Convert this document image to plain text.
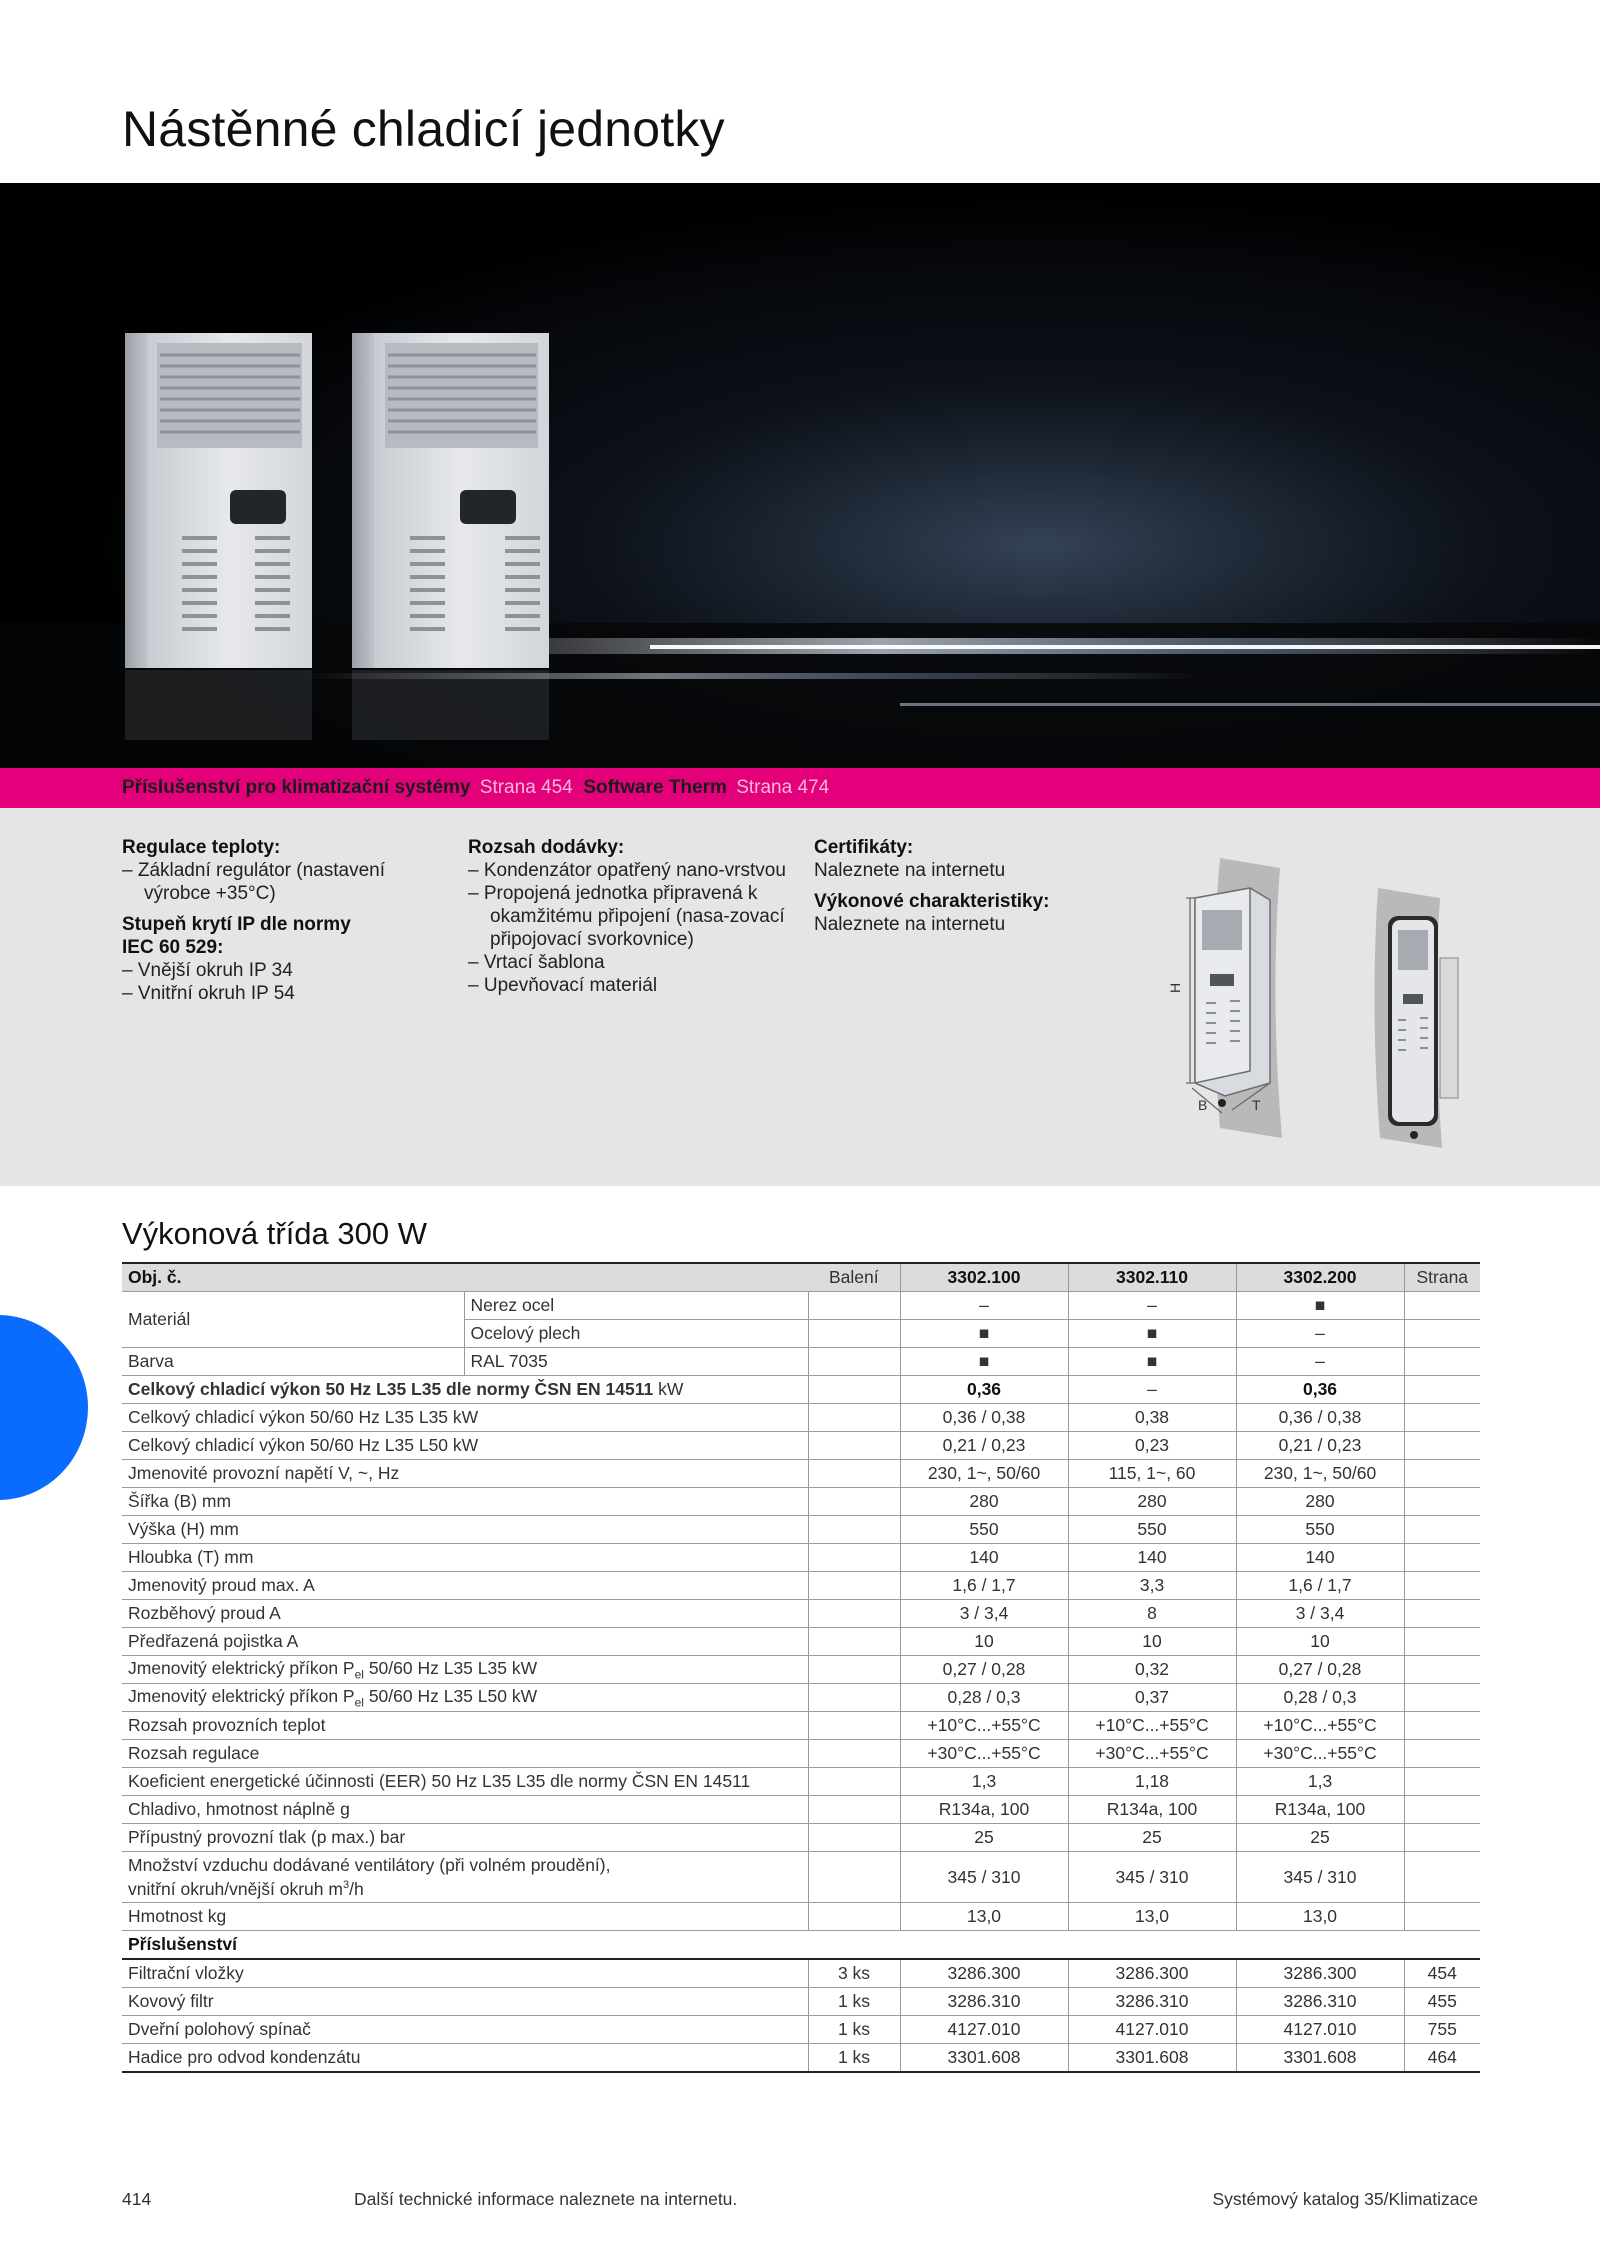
Nástěnné chladicí jednotky
Příslušenství pro klimatizační systémy Strana 454 Software Therm Strana 474
Regulace teploty:
– Základní regulátor (nastavení výrobce +35°C)
Stupeň krytí IP dle normy
IEC 60 529:
– Vnější okruh IP 34
– Vnitřní okruh IP 54
Rozsah dodávky:
– Kondenzátor opatřený nano-vrstvou
– Propojená jednotka připravená k okamžitému připojení (nasa-zovací připojovací svorkovnice)
– Vrtací šablona
– Upevňovací materiál
Certifikáty:
Naleznete na internetu
Výkonové charakteristiky:
Naleznete na internetu
H
B	T
Výkonová třída 300 W
Obj. č.		Balení	3302.100	3302.110	3302.200	Strana
Materiál	Nerez ocel		–	–	■	
	Ocelový plech		■	■	–	
Barva	RAL 7035		■	■	–	
Celkový chladicí výkon 50 Hz L35 L35 dle normy ČSN EN 14511 kW			0,36	–	0,36	
Celkový chladicí výkon 50/60 Hz L35 L35 kW			0,36 / 0,38	0,38	0,36 / 0,38	
Celkový chladicí výkon 50/60 Hz L35 L50 kW			0,21 / 0,23	0,23	0,21 / 0,23	
Jmenovité provozní napětí V, ~, Hz			230, 1~, 50/60	115, 1~, 60	230, 1~, 50/60	
Šířka (B) mm			280	280	280	
Výška (H) mm			550	550	550	
Hloubka (T) mm			140	140	140	
Jmenovitý proud max. A			1,6 / 1,7	3,3	1,6 / 1,7	
Rozběhový proud A			3 / 3,4	8	3 / 3,4	
Předřazená pojistka A			10	10	10	
Jmenovitý elektrický příkon $P_{el}$ 50/60 Hz L35 L35 kW			0,27 / 0,28	0,32	0,27 / 0,28	
Jmenovitý elektrický příkon $P_{el}$ 50/60 Hz L35 L50 kW			0,28 / 0,3	0,37	0,28 / 0,3	
Rozsah provozních teplot			+10°C...+55°C	+10°C...+55°C	+10°C...+55°C	
Rozsah regulace			+30°C...+55°C	+30°C...+55°C	+30°C...+55°C	
Koeficient energetické účinnosti (EER) 50 Hz L35 L35 dle normy ČSN EN 14511			1,3	1,18	1,3	
Chladivo, hmotnost náplně g			R134a, 100	R134a, 100	R134a, 100	
Přípustný provozní tlak (p max.) bar			25	25	25	
Množství vzduchu dodávané ventilátory (při volném proudění),
vnitřní okruh/vnější okruh $m^3/h$			345 / 310	345 / 310	345 / 310	
Hmotnost kg			13,0	13,0	13,0	
Příslušenství						
Filtrační vložky		3 ks	3286.300	3286.300	3286.300	454
Kovový filtr		1 ks	3286.310	3286.310	3286.310	455
Dveřní polohový spínač		1 ks	4127.010	4127.010	4127.010	755
Hadice pro odvod kondenzátu		1 ks	3301.608	3301.608	3301.608	464
414	Další technické informace naleznete na internetu.	Systémový katalog 35/Klimatizace
